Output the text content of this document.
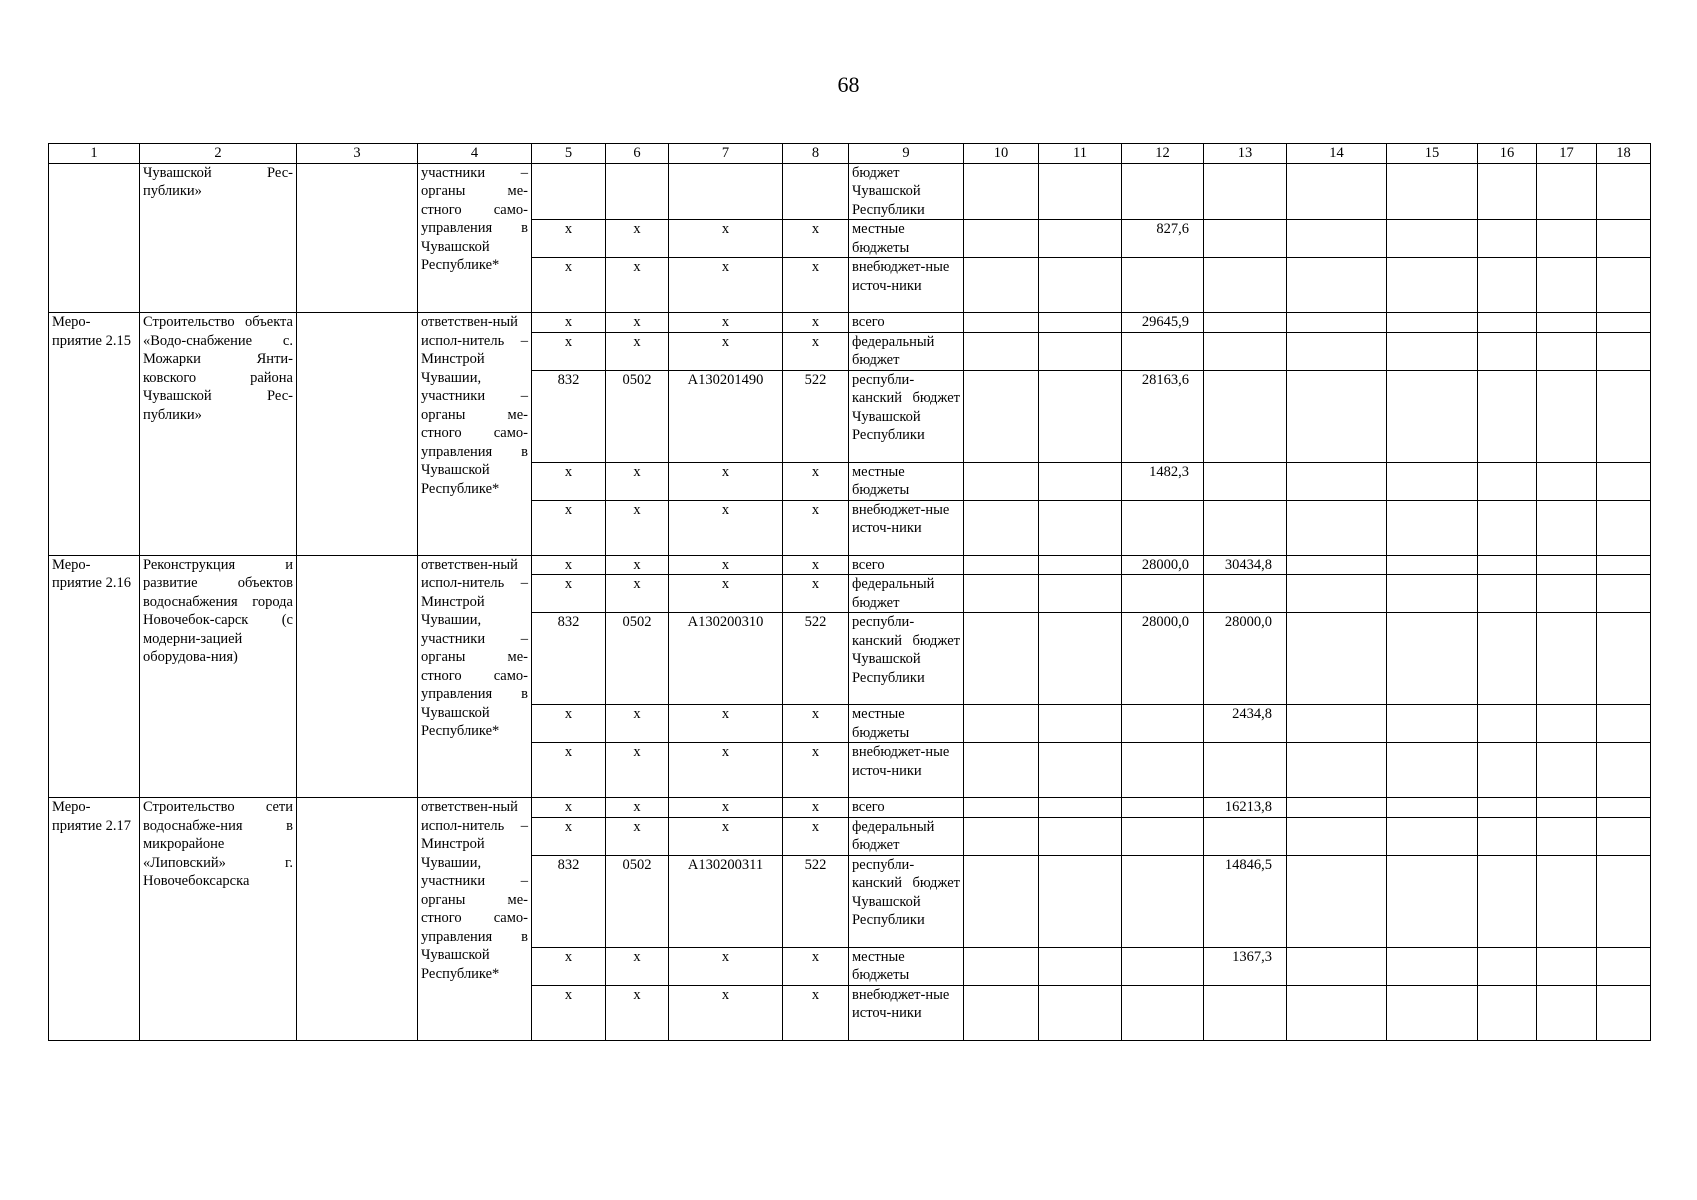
68
1	2	3	4	5	6	7	8	9	10	11	12	13	14	15	16	17	18
	Чувашской Рес-публики»		участники – органы ме-стного само-управления в Чувашской Республике*					бюджет Чувашской Республики									
				x	x	x	x	местные бюджеты			827,6						
				x	x	x	x	внебюджет-ные источ-ники									
Меро-приятие 2.15	Строительство объекта «Водо-снабжение с. Можарки Янти-ковского района Чувашской Рес-публики»		ответствен-ный испол-нитель – Минстрой Чувашии, участники – органы ме-стного само-управления в Чувашской Республике*	x	x	x	x	всего			29645,9						
				x	x	x	x	федеральный бюджет									
				832	0502	А130201490	522	республи-канский бюджет Чувашской Республики			28163,6						
				x	x	x	x	местные бюджеты			1482,3						
				x	x	x	x	внебюджет-ные источ-ники									
Меро-приятие 2.16	Реконструкция и развитие объектов водоснабжения города Новочебок-сарск (с модерни-зацией оборудова-ния)		ответствен-ный испол-нитель – Минстрой Чувашии, участники – органы ме-стного само-управления в Чувашской Республике*	x	x	x	x	всего			28000,0	30434,8					
				x	x	x	x	федеральный бюджет									
				832	0502	А130200310	522	республи-канский бюджет Чувашской Республики			28000,0	28000,0					
				x	x	x	x	местные бюджеты				2434,8					
				x	x	x	x	внебюджет-ные источ-ники									
Меро-приятие 2.17	Строительство сети водоснабже-ния в микрорайоне «Липовский» г. Новочебоксарска		ответствен-ный испол-нитель – Минстрой Чувашии, участники – органы ме-стного само-управления в Чувашской Республике*	x	x	x	x	всего				16213,8					
				x	x	x	x	федеральный бюджет									
				832	0502	А130200311	522	республи-канский бюджет Чувашской Республики				14846,5					
				x	x	x	x	местные бюджеты				1367,3					
				x	x	x	x	внебюджет-ные источ-ники									
